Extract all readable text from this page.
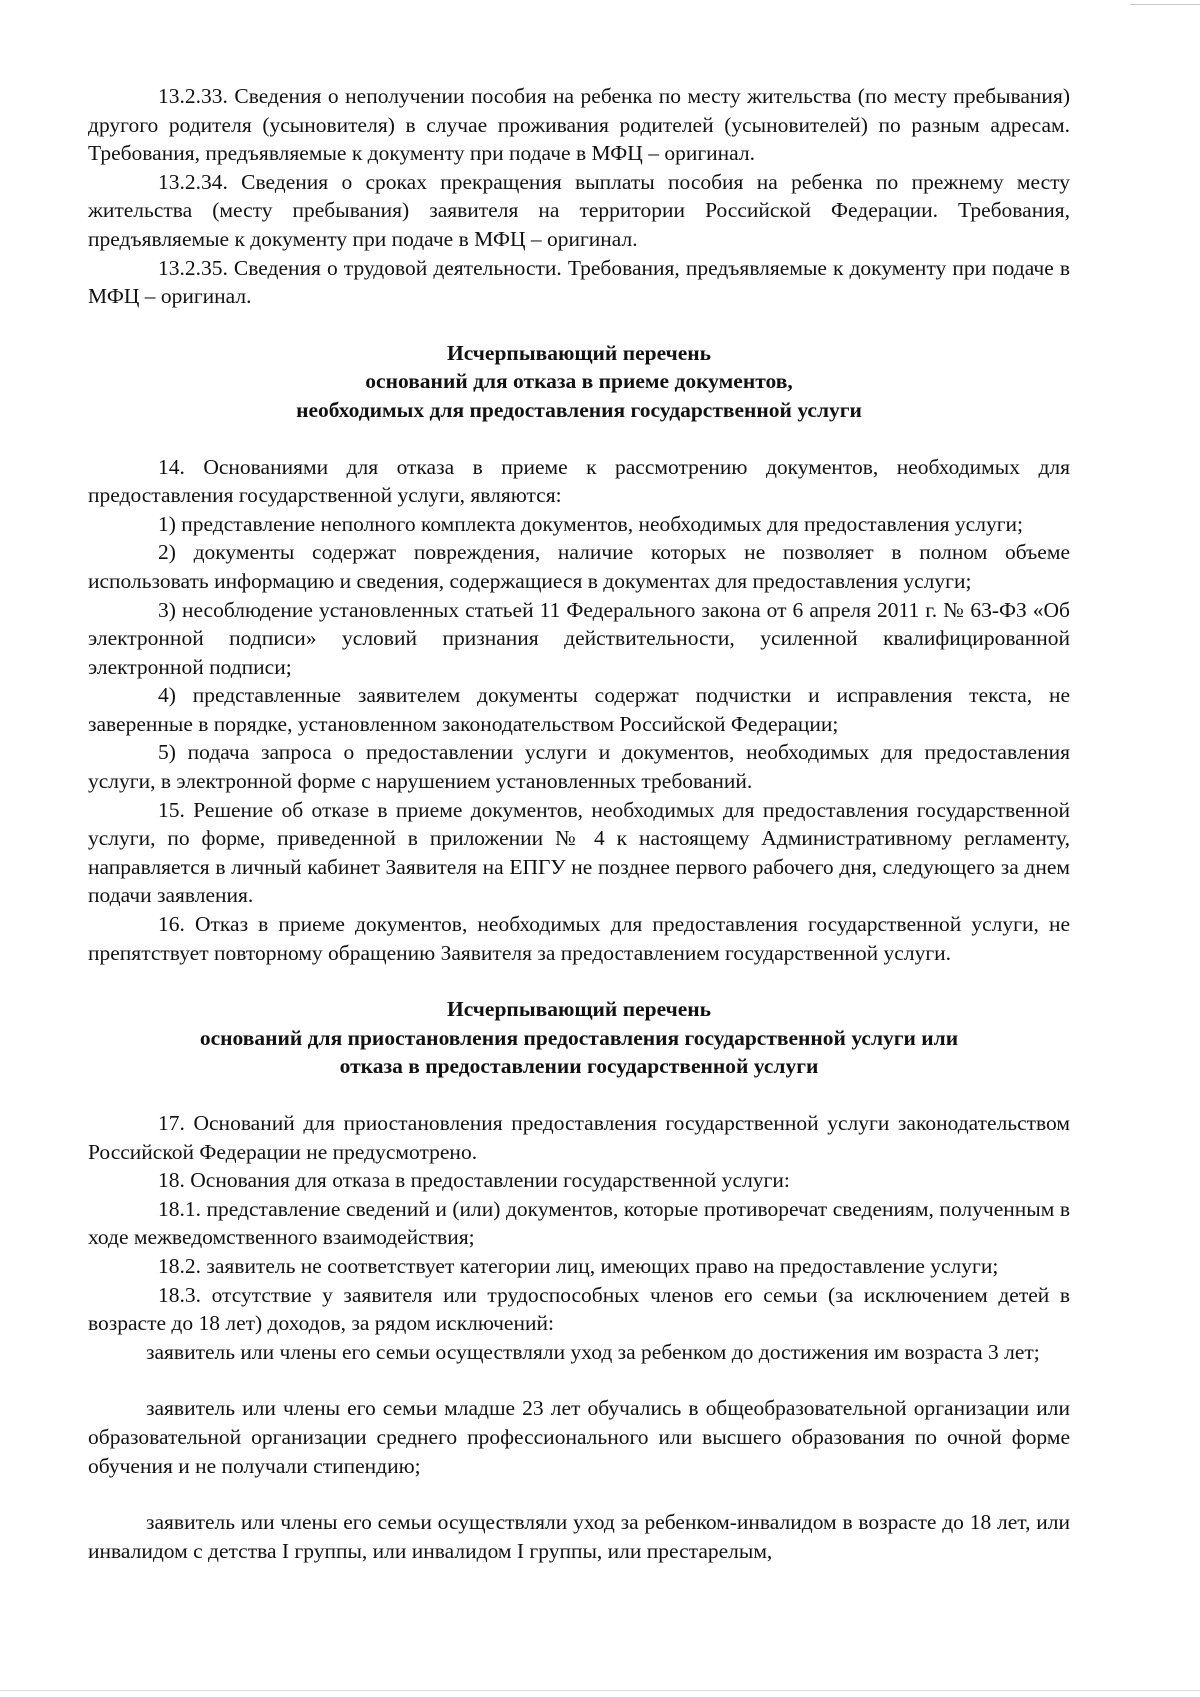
13.2.33. Сведения о неполучении пособия на ребенка по месту жительства (по месту пребывания) другого родителя (усыновителя) в случае проживания родителей (усыновителей) по разным адресам. Требования, предъявляемые к документу при подаче в МФЦ – оригинал.

13.2.34. Сведения о сроках прекращения выплаты пособия на ребенка по прежнему месту жительства (месту пребывания) заявителя на территории Российской Федерации. Требования, предъявляемые к документу при подаче в МФЦ – оригинал.

13.2.35. Сведения о трудовой деятельности. Требования, предъявляемые к документу при подаче в МФЦ – оригинал.

Исчерпывающий перечень
оснований для отказа в приеме документов,
необходимых для предоставления государственной услуги

14. Основаниями для отказа в приеме к рассмотрению документов, необходимых для предоставления государственной услуги, являются:

1) представление неполного комплекта документов, необходимых для предоставления услуги;

2) документы содержат повреждения, наличие которых не позволяет в полном объеме использовать информацию и сведения, содержащиеся в документах для предоставления услуги;

3) несоблюдение установленных статьей 11 Федерального закона от 6 апреля 2011 г. № 63-ФЗ «Об электронной подписи» условий признания действительности, усиленной квалифицированной электронной подписи;

4) представленные заявителем документы содержат подчистки и исправления текста, не заверенные в порядке, установленном законодательством Российской Федерации;

5) подача запроса о предоставлении услуги и документов, необходимых для предоставления услуги, в электронной форме с нарушением установленных требований.

15. Решение об отказе в приеме документов, необходимых для предоставления государственной услуги, по форме, приведенной в приложении № 4 к настоящему Административному регламенту, направляется в личный кабинет Заявителя на ЕПГУ не позднее первого рабочего дня, следующего за днем подачи заявления.

16. Отказ в приеме документов, необходимых для предоставления государственной услуги, не препятствует повторному обращению Заявителя за предоставлением государственной услуги.

Исчерпывающий перечень
оснований для приостановления предоставления государственной услуги или
отказа в предоставлении государственной услуги

17. Оснований для приостановления предоставления государственной услуги законодательством Российской Федерации не предусмотрено.

18. Основания для отказа в предоставлении государственной услуги:

18.1. представление сведений и (или) документов, которые противоречат сведениям, полученным в ходе межведомственного взаимодействия;

18.2. заявитель не соответствует категории лиц, имеющих право на предоставление услуги;

18.3. отсутствие у заявителя или трудоспособных членов его семьи (за исключением детей в возрасте до 18 лет) доходов, за рядом исключений:

заявитель или члены его семьи осуществляли уход за ребенком до достижения им возраста 3 лет;

заявитель или члены его семьи младше 23 лет обучались в общеобразовательной организации или образовательной организации среднего профессионального или высшего образования по очной форме обучения и не получали стипендию;

заявитель или члены его семьи осуществляли уход за ребенком-инвалидом в возрасте до 18 лет, или инвалидом с детства I группы, или инвалидом I группы, или престарелым,
